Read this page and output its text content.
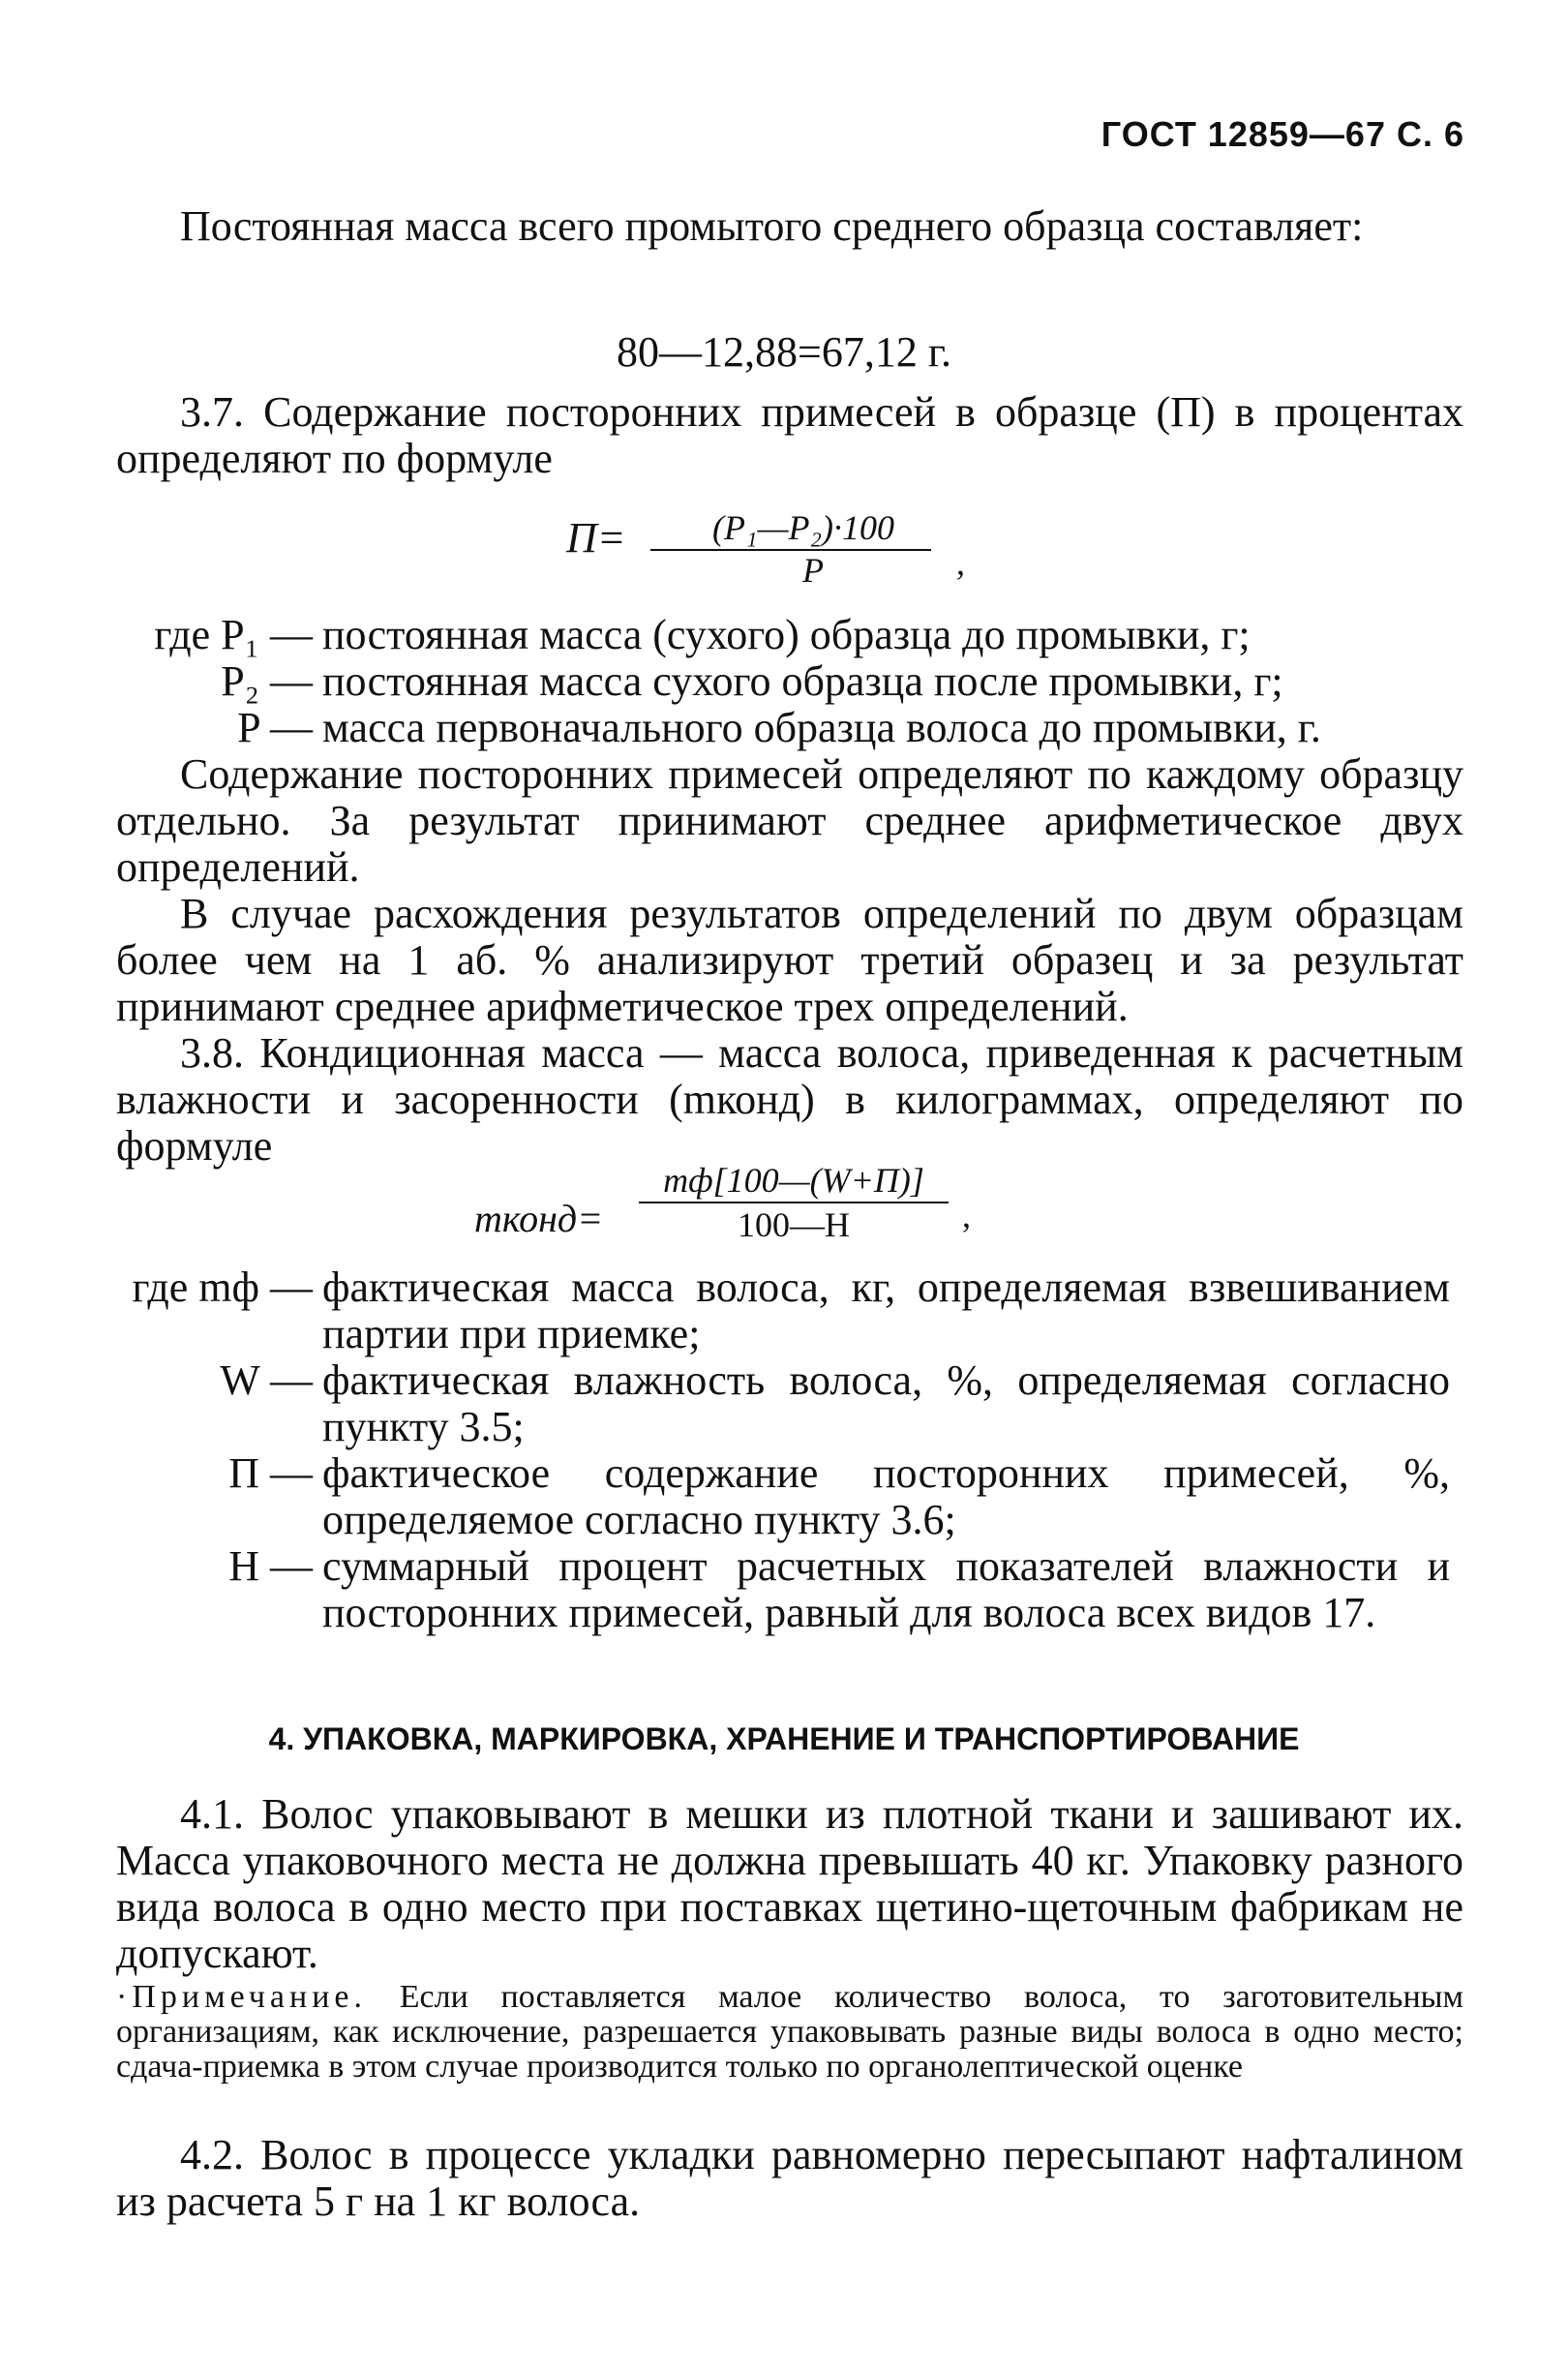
ГОСТ 12859—67 С. 6

Постоянная масса всего промытого среднего образца составляет:

80—12,88=67,12 г.

3.7. Содержание посторонних примесей в образце (П) в процентах определяют по формуле

П=	(P₁—P₂)·100
P	,
где P₁ — постоянная масса (сухого) образца до промывки, г;
P₂ — постоянная масса сухого образца после промывки, г;
P — масса первоначального образца волоса до промывки, г.

Содержание посторонних примесей определяют по каждому образцу отдельно. За результат принимают среднее арифметическое двух определений.

В случае расхождения результатов определений по двум образцам более чем на 1 аб. % анализируют третий образец и за результат принимают среднее арифметическое трех определений.

3.8. Кондиционная масса — масса волоса, приведенная к расчетным влажности и засоренности (mконд) в килограммах, определяют по формуле

mконд=
mф[100—(W+П)]
100—H	,
где mф — фактическая масса волоса, кг, определяемая взвешиванием партии при приемке;
W — фактическая влажность волоса, %, определяемая согласно пункту 3.5;
П — фактическое содержание посторонних примесей, %, определяемое согласно пункту 3.6;
H — суммарный процент расчетных показателей влажности и посторонних примесей, равный для волоса всех видов 17.
4. УПАКОВКА, МАРКИРОВКА, ХРАНЕНИЕ И ТРАНСПОРТИРОВАНИЕ

4.1. Волос упаковывают в мешки из плотной ткани и зашивают их. Масса упаковочного места не должна превышать 40 кг. Упаковку разного вида волоса в одно место при поставках щетино-щеточным фабрикам не допускают.

·Примечание. Если поставляется малое количество волоса, то заготовительным организациям, как исключение, разрешается упаковывать разные виды волоса в одно место; сдача-приемка в этом случае производится только по органолептической оценке

4.2. Волос в процессе укладки равномерно пересыпают нафталином из расчета 5 г на 1 кг волоса.
